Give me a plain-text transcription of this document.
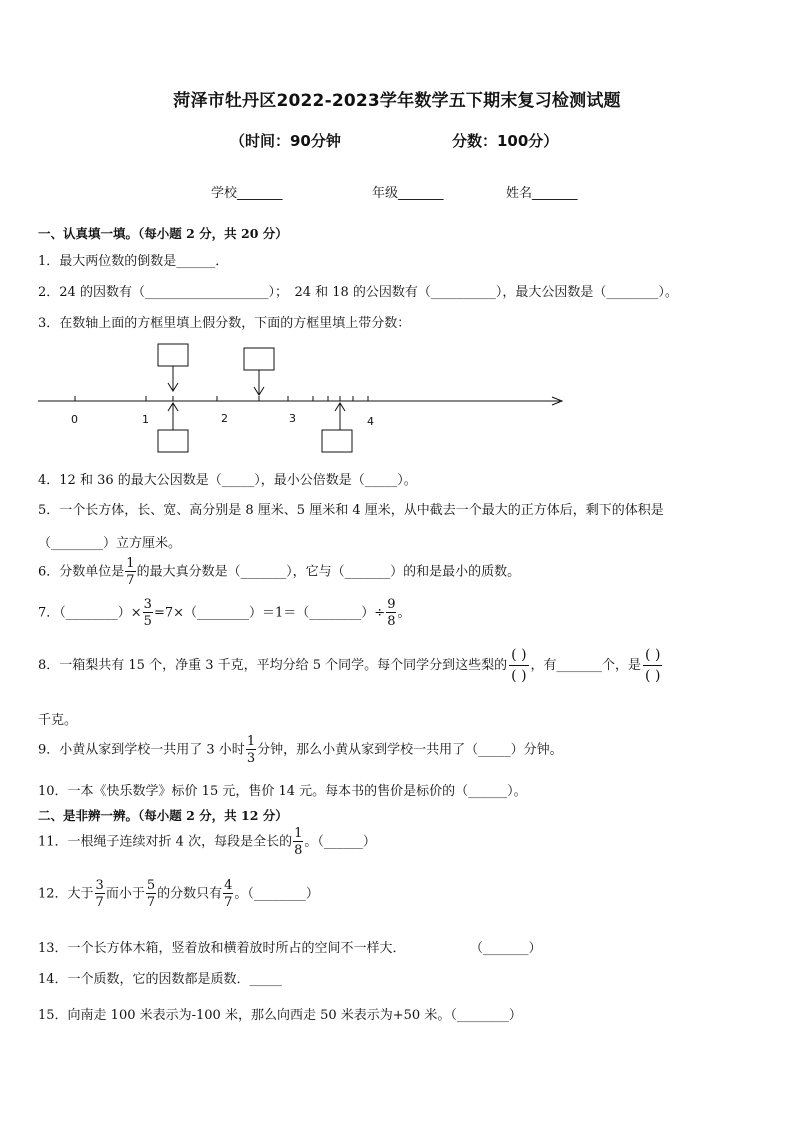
菏泽市牡丹区2022-2023学年数学五下期末复习检测试题
（时间：90分钟	分数：100分）
学校_______	年级_______	姓名_______
一、认真填一填。（每小题 2 分，共 20 分）
1．最大两位数的倒数是______．
2．24 的因数有（___________________）；　24 和 18 的公因数有（__________），最大公因数是（________）。
3．在数轴上面的方框里填上假分数，下面的方框里填上带分数：
0	1	2	3	4
4．12 和 36 的最大公因数是（_____），最小公倍数是（_____）。
5．一个长方体，长、宽、高分别是 8 厘米、5 厘米和 4 厘米，从中截去一个最大的正方体后，剩下的体积是
（________）立方厘米。
6．分数单位是 $\frac{1}{7}$ 的最大真分数是（_______），它与（_______）的和是最小的质数。
7．（________）× $\frac{3}{5}$ =7×（________）＝1＝（________）÷ $\frac{9}{8}$ 。
8．一箱梨共有 15 个，净重 3 千克，平均分给 5 个同学。每个同学分到这些梨的
( )
( )
，有_______个，是
( )
( )
千克。
9．小黄从家到学校一共用了 3 小时 $\frac{1}{3}$ 分钟，那么小黄从家到学校一共用了（_____）分钟。
10．一本《快乐数学》标价 15 元，售价 14 元。每本书的售价是标价的（______）。
二、是非辨一辨。（每小题 2 分，共 12 分）
11．一根绳子连续对折 4 次，每段是全长的 $\frac{1}{8}$ 。（______）
12．大于 $\frac{3}{7}$ 而小于 $\frac{5}{7}$ 的分数只有 $\frac{4}{7}$ 。（________）
13．一个长方体木箱，竖着放和横着放时所占的空间不一样大．	（_______）
14．一个质数，它的因数都是质数．_____
15．向南走 100 米表示为-100 米，那么向西走 50 米表示为+50 米。（________）
